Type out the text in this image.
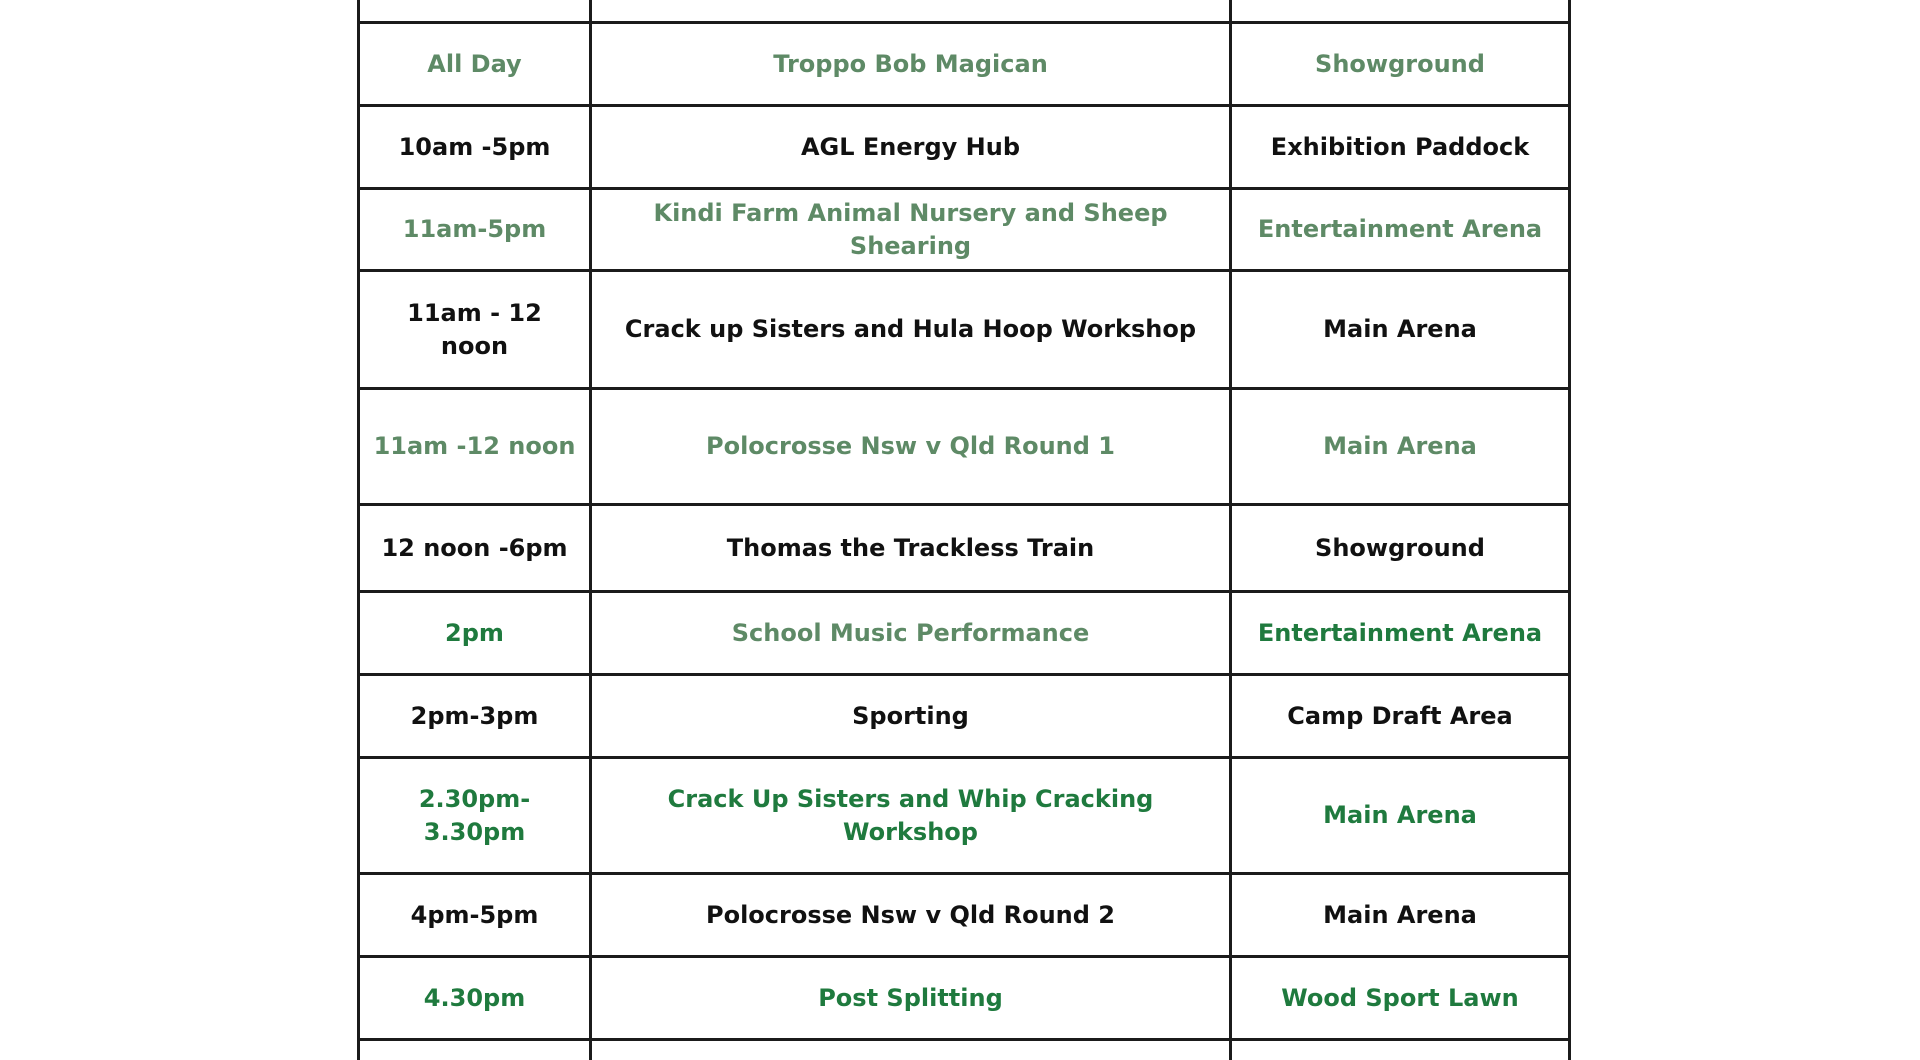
All Day	Troppo Bob Magican	Showground
10am -5pm	AGL Energy Hub	Exhibition Paddock
11am-5pm	Kindi Farm Animal Nursery and Sheep Shearing	Entertainment Arena
11am - 12 noon	Crack up Sisters and Hula Hoop Workshop	Main Arena
11am -12 noon	Polocrosse Nsw v Qld Round 1	Main Arena
12 noon -6pm	Thomas the Trackless Train	Showground
2pm	School Music Performance	Entertainment Arena
2pm-3pm	Sporting	Camp Draft Area
2.30pm- 3.30pm	Crack Up Sisters and Whip Cracking Workshop	Main Arena
4pm-5pm	Polocrosse Nsw v Qld Round 2	Main Arena
4.30pm	Post Splitting	Wood Sport Lawn
